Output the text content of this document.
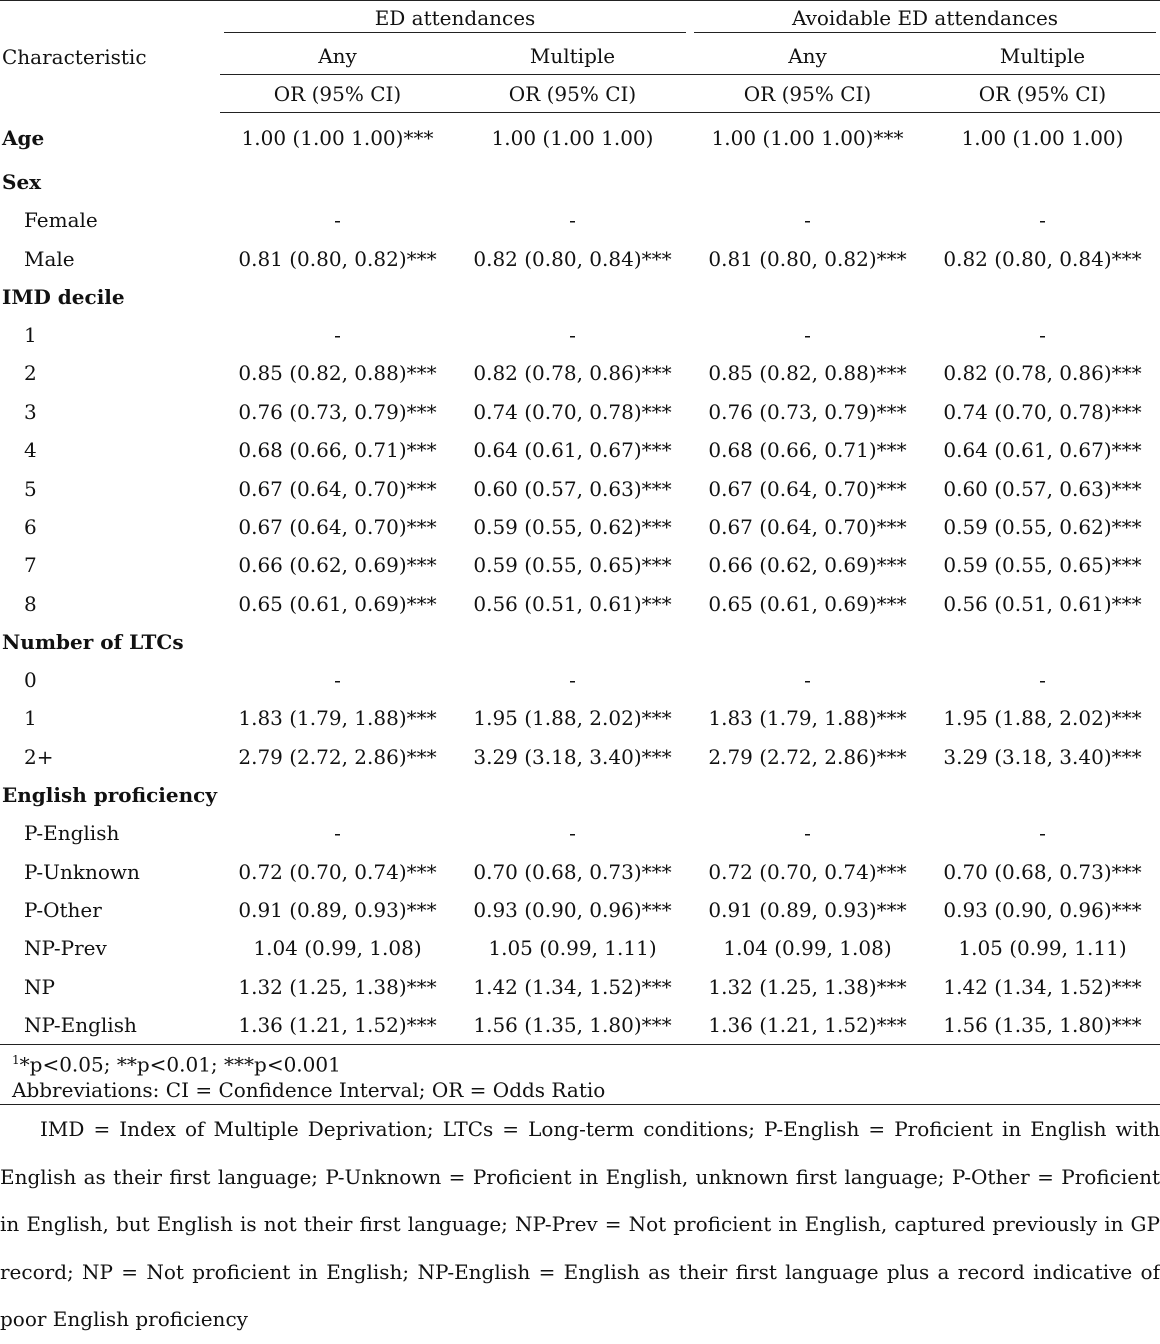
Characteristic	ED attendances		Avoidable ED attendances	

	Any	Multiple	Any	Multiple
	OR (95% CI)	OR (95% CI)	OR (95% CI)	OR (95% CI)
Age	1.00 (1.00 1.00)***	1.00 (1.00 1.00)	1.00 (1.00 1.00)***	1.00 (1.00 1.00)
Sex				
Female	-	-	-	-
Male	0.81 (0.80, 0.82)***	0.82 (0.80, 0.84)***	0.81 (0.80, 0.82)***	0.82 (0.80, 0.84)***
IMD decile				
1	-	-	-	-
2	0.85 (0.82, 0.88)***	0.82 (0.78, 0.86)***	0.85 (0.82, 0.88)***	0.82 (0.78, 0.86)***
3	0.76 (0.73, 0.79)***	0.74 (0.70, 0.78)***	0.76 (0.73, 0.79)***	0.74 (0.70, 0.78)***
4	0.68 (0.66, 0.71)***	0.64 (0.61, 0.67)***	0.68 (0.66, 0.71)***	0.64 (0.61, 0.67)***
5	0.67 (0.64, 0.70)***	0.60 (0.57, 0.63)***	0.67 (0.64, 0.70)***	0.60 (0.57, 0.63)***
6	0.67 (0.64, 0.70)***	0.59 (0.55, 0.62)***	0.67 (0.64, 0.70)***	0.59 (0.55, 0.62)***
7	0.66 (0.62, 0.69)***	0.59 (0.55, 0.65)***	0.66 (0.62, 0.69)***	0.59 (0.55, 0.65)***
8	0.65 (0.61, 0.69)***	0.56 (0.51, 0.61)***	0.65 (0.61, 0.69)***	0.56 (0.51, 0.61)***
Number of LTCs				
0	-	-	-	-
1	1.83 (1.79, 1.88)***	1.95 (1.88, 2.02)***	1.83 (1.79, 1.88)***	1.95 (1.88, 2.02)***
2+	2.79 (2.72, 2.86)***	3.29 (3.18, 3.40)***	2.79 (2.72, 2.86)***	3.29 (3.18, 3.40)***
English proficiency				
P-English	-	-	-	-
P-Unknown	0.72 (0.70, 0.74)***	0.70 (0.68, 0.73)***	0.72 (0.70, 0.74)***	0.70 (0.68, 0.73)***
P-Other	0.91 (0.89, 0.93)***	0.93 (0.90, 0.96)***	0.91 (0.89, 0.93)***	0.93 (0.90, 0.96)***
NP-Prev	1.04 (0.99, 1.08)	1.05 (0.99, 1.11)	1.04 (0.99, 1.08)	1.05 (0.99, 1.11)
NP	1.32 (1.25, 1.38)***	1.42 (1.34, 1.52)***	1.32 (1.25, 1.38)***	1.42 (1.34, 1.52)***
NP-English	1.36 (1.21, 1.52)***	1.56 (1.35, 1.80)***	1.36 (1.21, 1.52)***	1.56 (1.35, 1.80)***
$^1$*p<0.05; **p<0.01; ***p<0.001
Abbreviations: CI = Confidence Interval; OR = Odds Ratio
IMD = Index of Multiple Deprivation; LTCs = Long-term conditions; P-English = Proficient in English with English as their first language; P-Unknown = Proficient in English, unknown first language; P-Other = Proficient in English, but English is not their first language; NP-Prev = Not proficient in English, captured previously in GP record; NP = Not proficient in English; NP-English = English as their first language plus a record indicative of poor English proficiency
